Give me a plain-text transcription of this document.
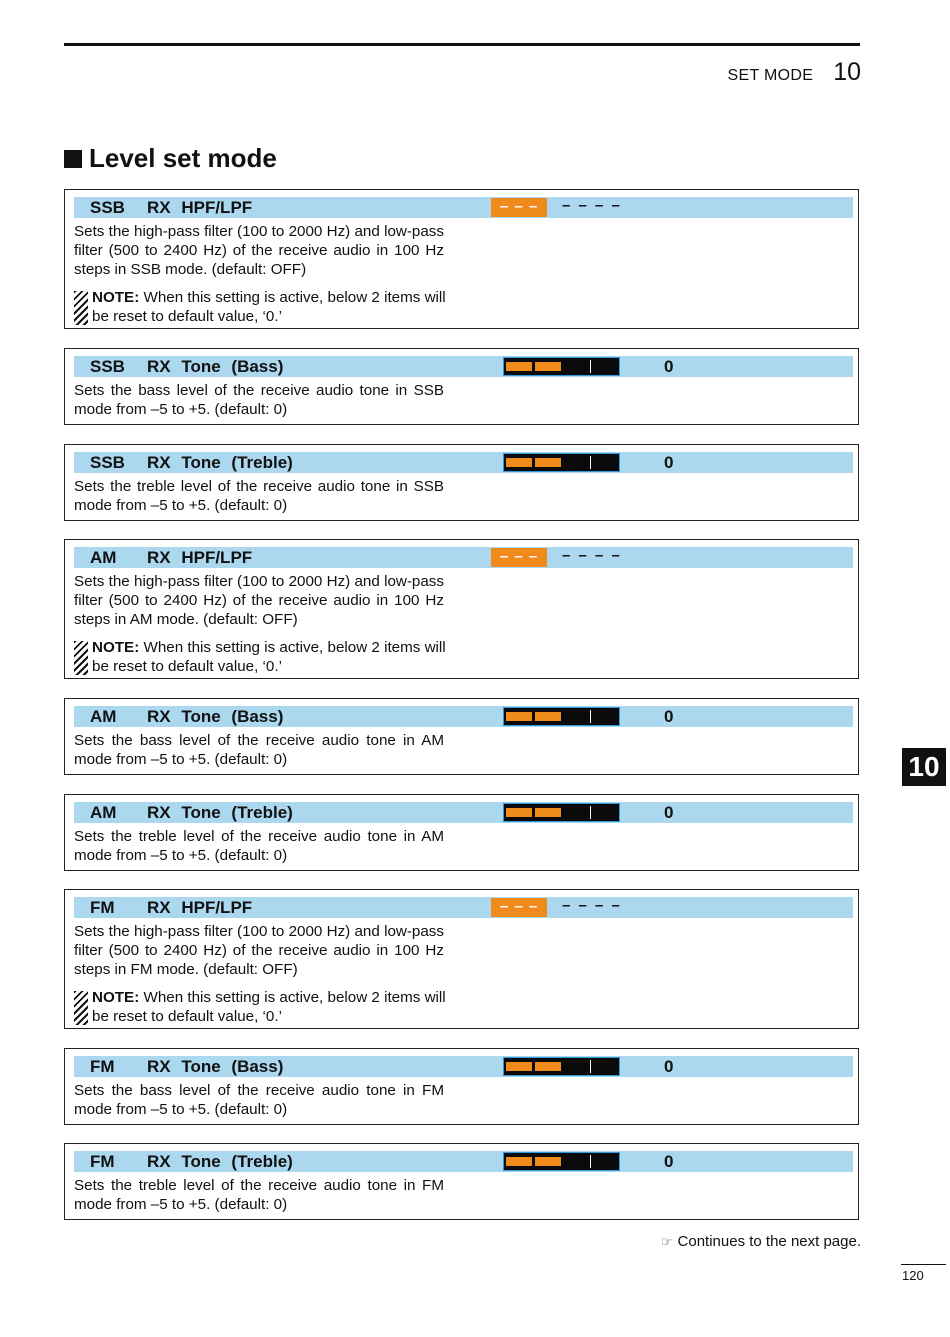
SET MODE 10
Level set mode
SSB RX HPF/LPF	– – –	– – – –
Sets the high-pass filter (100 to 2000 Hz) and low-pass filter (500 to 2400 Hz) of the receive audio in 100 Hz steps in SSB mode. (default: OFF)
NOTE: When this setting is active, below 2 items will be reset to default value, ‘0.’
SSB RX Tone (Bass)	0
Sets the bass level of the receive audio tone in SSB mode from –5 to +5. (default: 0)
SSB RX Tone (Treble)	0
Sets the treble level of the receive audio tone in SSB mode from –5 to +5. (default: 0)
AM RX HPF/LPF	– – –	– – – –
Sets the high-pass filter (100 to 2000 Hz) and low-pass filter (500 to 2400 Hz) of the receive audio in 100 Hz steps in AM mode. (default: OFF)
NOTE: When this setting is active, below 2 items will be reset to default value, ‘0.’
AM RX Tone (Bass)	0
Sets the bass level of the receive audio tone in AM mode from –5 to +5. (default: 0)
AM RX Tone (Treble)	0
Sets the treble level of the receive audio tone in AM mode from –5 to +5. (default: 0)
FM RX HPF/LPF	– – –	– – – –
Sets the high-pass filter (100 to 2000 Hz) and low-pass filter (500 to 2400 Hz) of the receive audio in 100 Hz steps in FM mode. (default: OFF)
NOTE: When this setting is active, below 2 items will be reset to default value, ‘0.’
FM RX Tone (Bass)	0
Sets the bass level of the receive audio tone in FM mode from –5 to +5. (default: 0)
FM RX Tone (Treble)	0
Sets the treble level of the receive audio tone in FM mode from –5 to +5. (default: 0)
10
☞ Continues to the next page.
120
